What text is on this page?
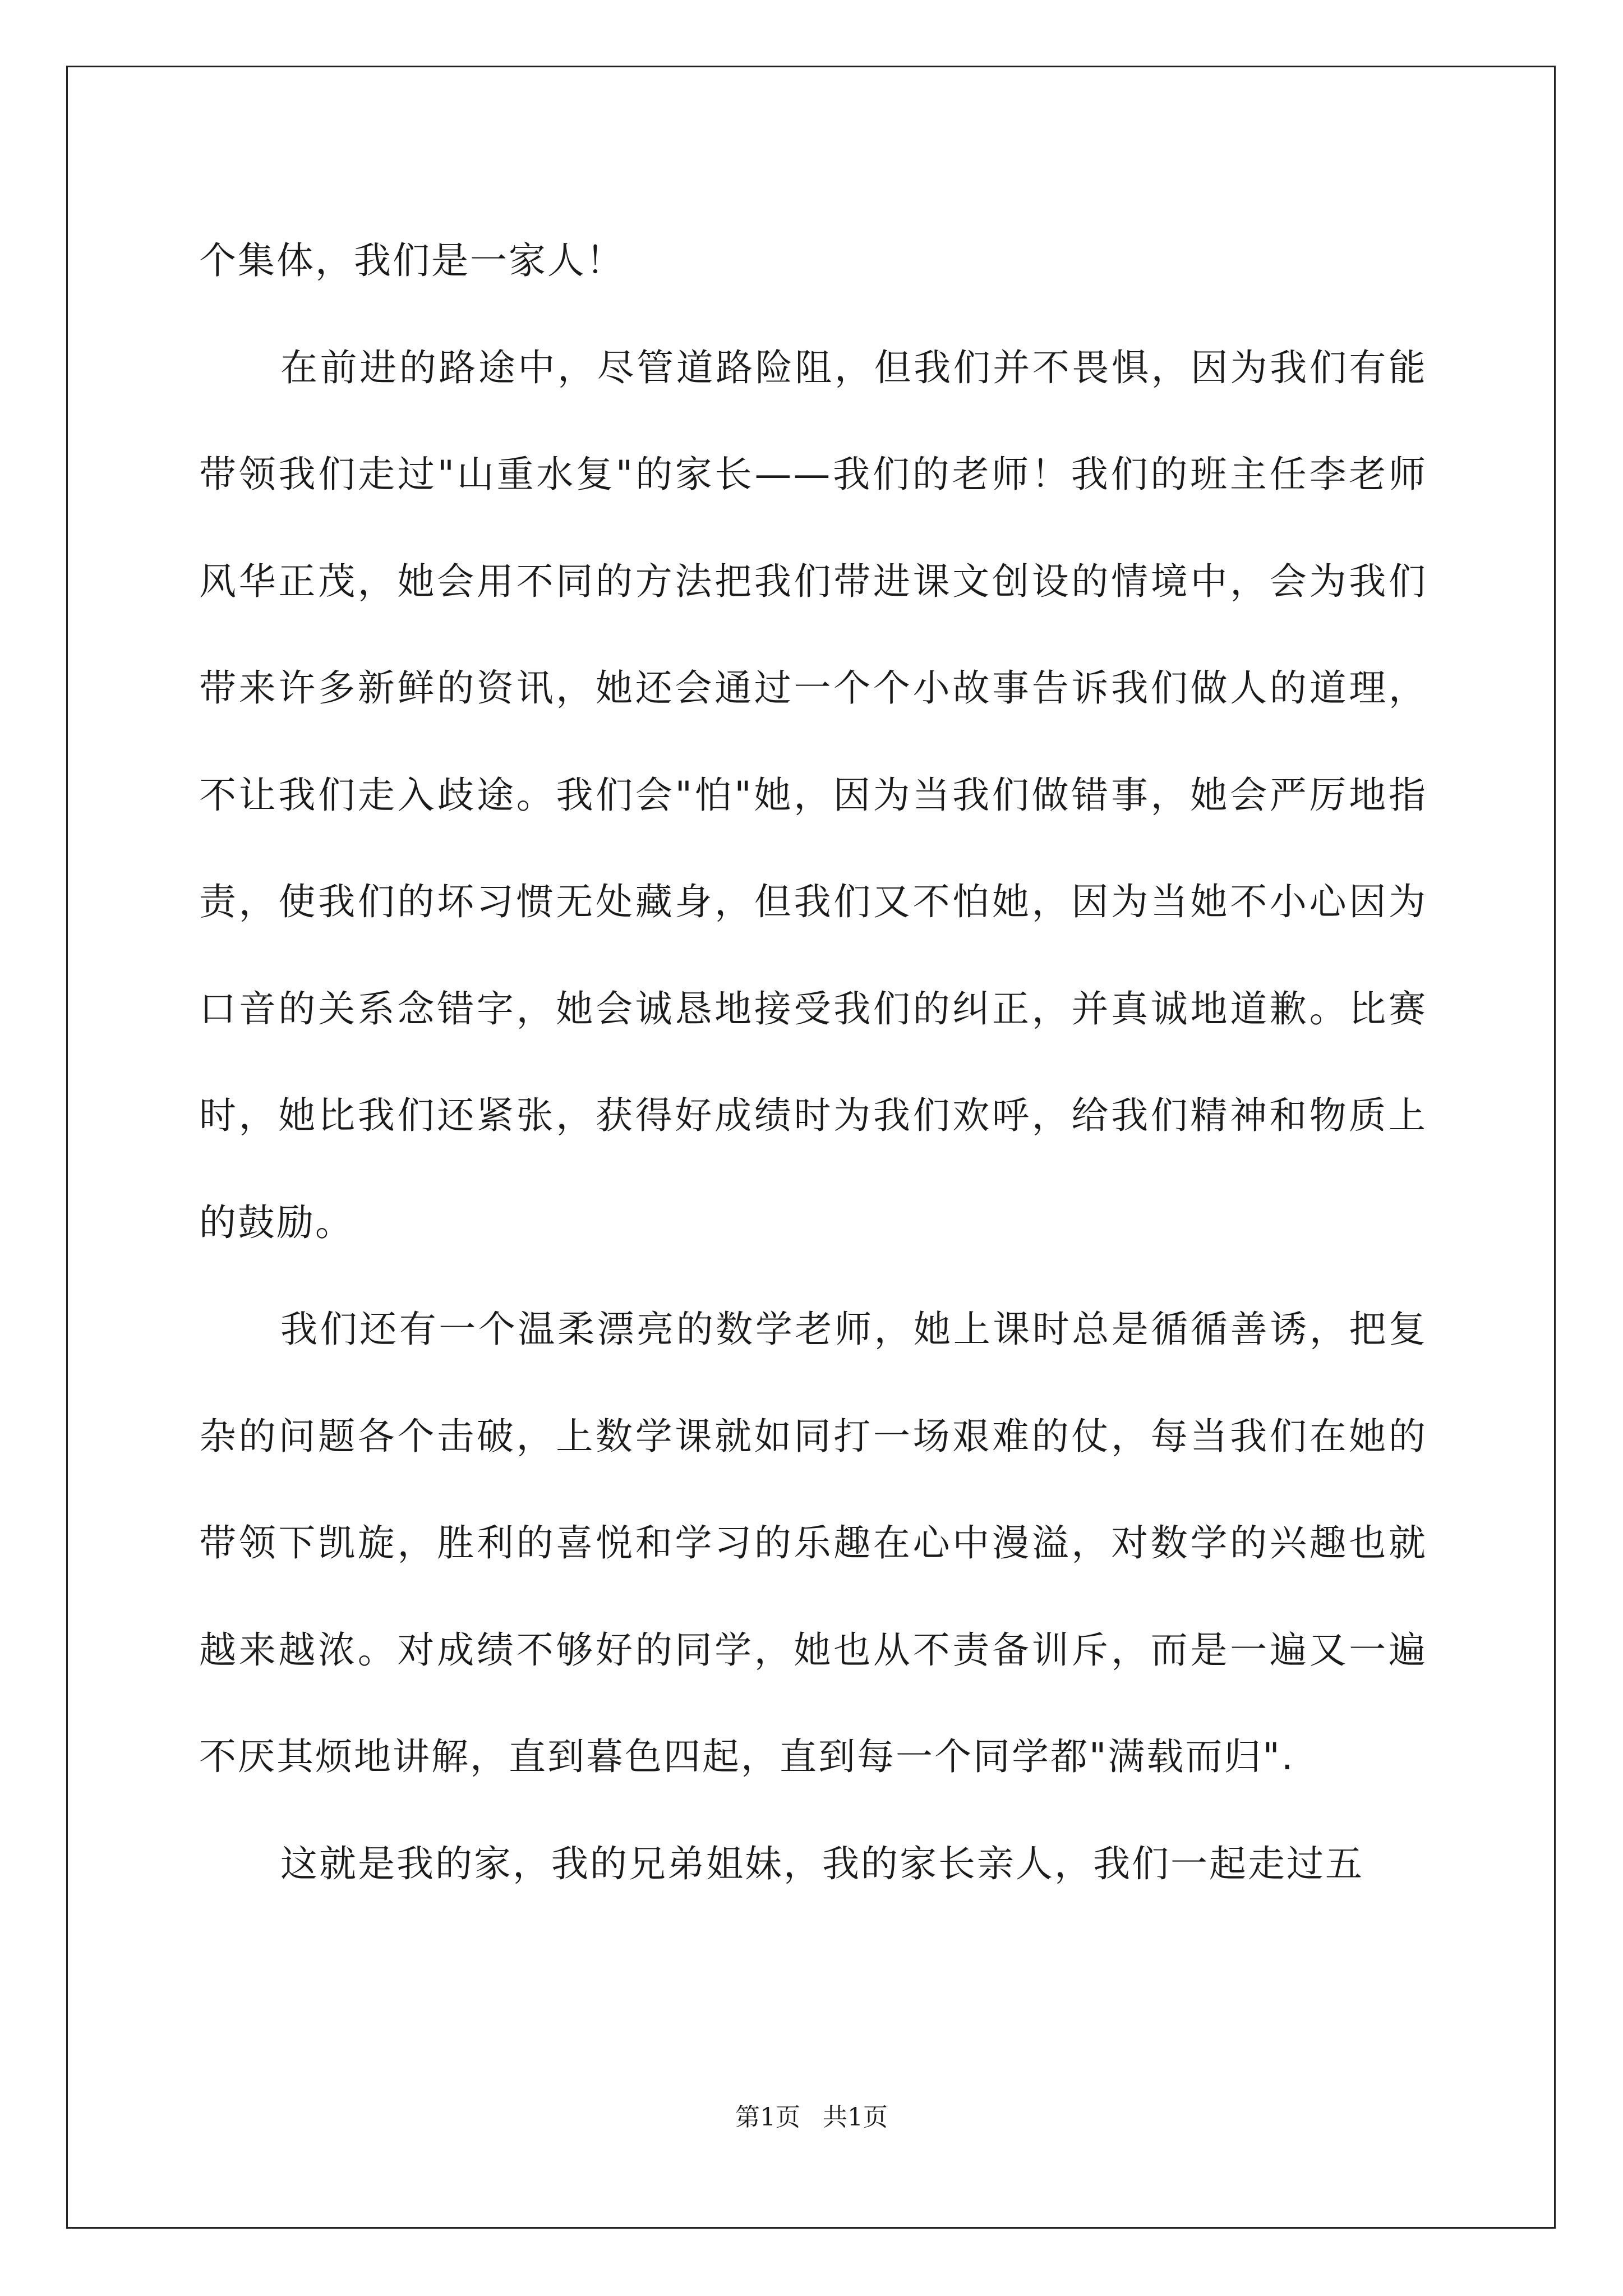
个集体，我们是一家人！

在前进的路途中，尽管道路险阻，但我们并不畏惧，因为我们有能带领我们走过"山重水复"的家长——我们的老师！我们的班主任李老师风华正茂，她会用不同的方法把我们带进课文创设的情境中，会为我们带来许多新鲜的资讯，她还会通过一个个小故事告诉我们做人的道理，不让我们走入歧途。我们会"怕"她，因为当我们做错事，她会严厉地指责，使我们的坏习惯无处藏身，但我们又不怕她，因为当她不小心因为口音的关系念错字，她会诚恳地接受我们的纠正，并真诚地道歉。比赛时，她比我们还紧张，获得好成绩时为我们欢呼，给我们精神和物质上的鼓励。

我们还有一个温柔漂亮的数学老师，她上课时总是循循善诱，把复杂的问题各个击破，上数学课就如同打一场艰难的仗，每当我们在她的带领下凯旋，胜利的喜悦和学习的乐趣在心中漫溢，对数学的兴趣也就越来越浓。对成绩不够好的同学，她也从不责备训斥，而是一遍又一遍不厌其烦地讲解，直到暮色四起，直到每一个同学都"满载而归".

这就是我的家，我的兄弟姐妹，我的家长亲人，我们一起走过五

第1页 共1页
